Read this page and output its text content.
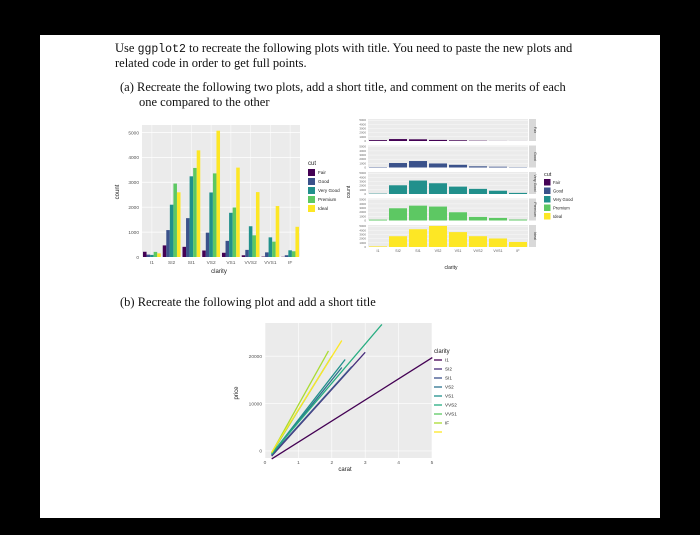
Use ggplot2 to recreate the following plots with title. You need to paste the new plots and

related code in order to get full points.

(a) Recreate the following two plots, add a short title, and comment on the merits of each

one compared to the other

count
clarity
cut
0
1000
2000
3000
4000
5000
I1	SI2	SI1 VS2 VS1 VVS2 VVS1 IF
Fair
Good
Very Good
Premium
Ideal
count
clarity
cut
Fair
0
1000
2000
3000
4000
5000
Good
0
1000
2000
3000
4000
5000
Very Good
0
1000
2000
3000
4000
5000
Premium
0
1000
2000
3000
4000
5000
Ideal
0
1000
2000
3000
4000
5000
I1	SI2	SI1	VS2	VS1	VVS2	VVS1	IF
Fair
Good
Very Good
Premium
Ideal

(b) Recreate the following plot and add a short title

price
carat
clarity
0	1	2	3	4	5
0
10000
20000
I1
SI2
SI1
VS2
VS1
VVS2
VVS1
IF
